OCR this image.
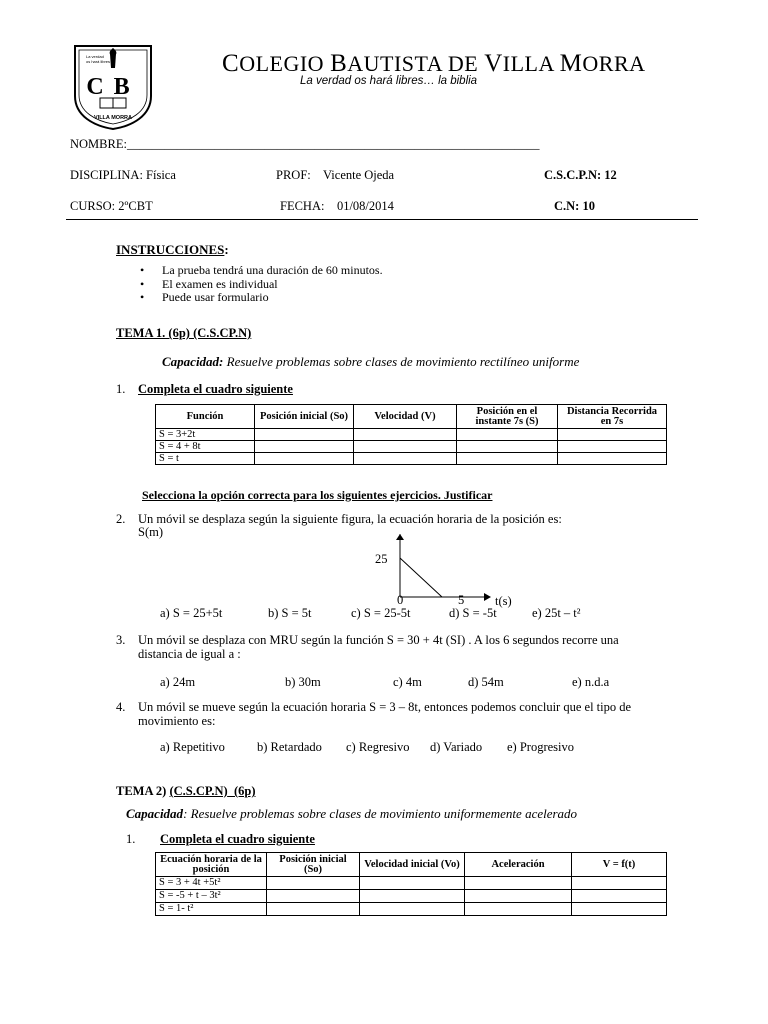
La verdad
os hará libres
CB
VILLA MORRA
COLEGIO BAUTISTA DE VILLA MORRA
La verdad os hará libres… la biblia
NOMBRE:__________________________________________________________________
DISCIPLINA: Física	PROF:    Vicente Ojeda	C.S.C.P.N: 12
CURSO: 2ºCBT	FECHA:    01/08/2014	C.N: 10
INSTRUCCIONES:
• La prueba tendrá una duración de 60 minutos.
• El examen es individual
• Puede usar formulario
TEMA 1. (6p) (C.S.CP.N)
Capacidad: Resuelve problemas sobre clases de movimiento rectilíneo uniforme
1. Completa el cuadro siguiente
Función	Posición inicial (So)	Velocidad (V)	Posición en el instante 7s (S)	Distancia Recorrida en 7s
S = 3+2t				
S = 4 + 8t				
S = t				
Selecciona la opción correcta para los siguientes ejercicios. Justificar
2. Un móvil se desplaza según la siguiente figura, la ecuación horaria de la posición es:
S(m)
25
0	5 t(s)
a) S = 25+5t	b) S = 5t	c) S = 25-5t	d) S = -5t	e) 25t – t²
3. Un móvil se desplaza con MRU según la función S = 30 + 4t (SI) . A los 6 segundos recorre una
distancia de igual a :
a) 24m	b) 30m	c) 4m	d) 54m	e) n.d.a
4. Un móvil se mueve según la ecuación horaria S = 3 – 8t, entonces podemos concluir que el tipo de
movimiento es:
a) Repetitivo	b) Retardado c) Regresivo d) Variado e) Progresivo
TEMA 2) (C.S.CP.N)  (6p)
Capacidad: Resuelve problemas sobre clases de movimiento uniformemente acelerado
1. Completa el cuadro siguiente
Ecuación horaria de la posición	Posición inicial (So)	Velocidad inicial (Vo)	Aceleración	V = f(t)
S = 3 + 4t +5t²				
S = -5 + t – 3t²				
S = 1- t²				
